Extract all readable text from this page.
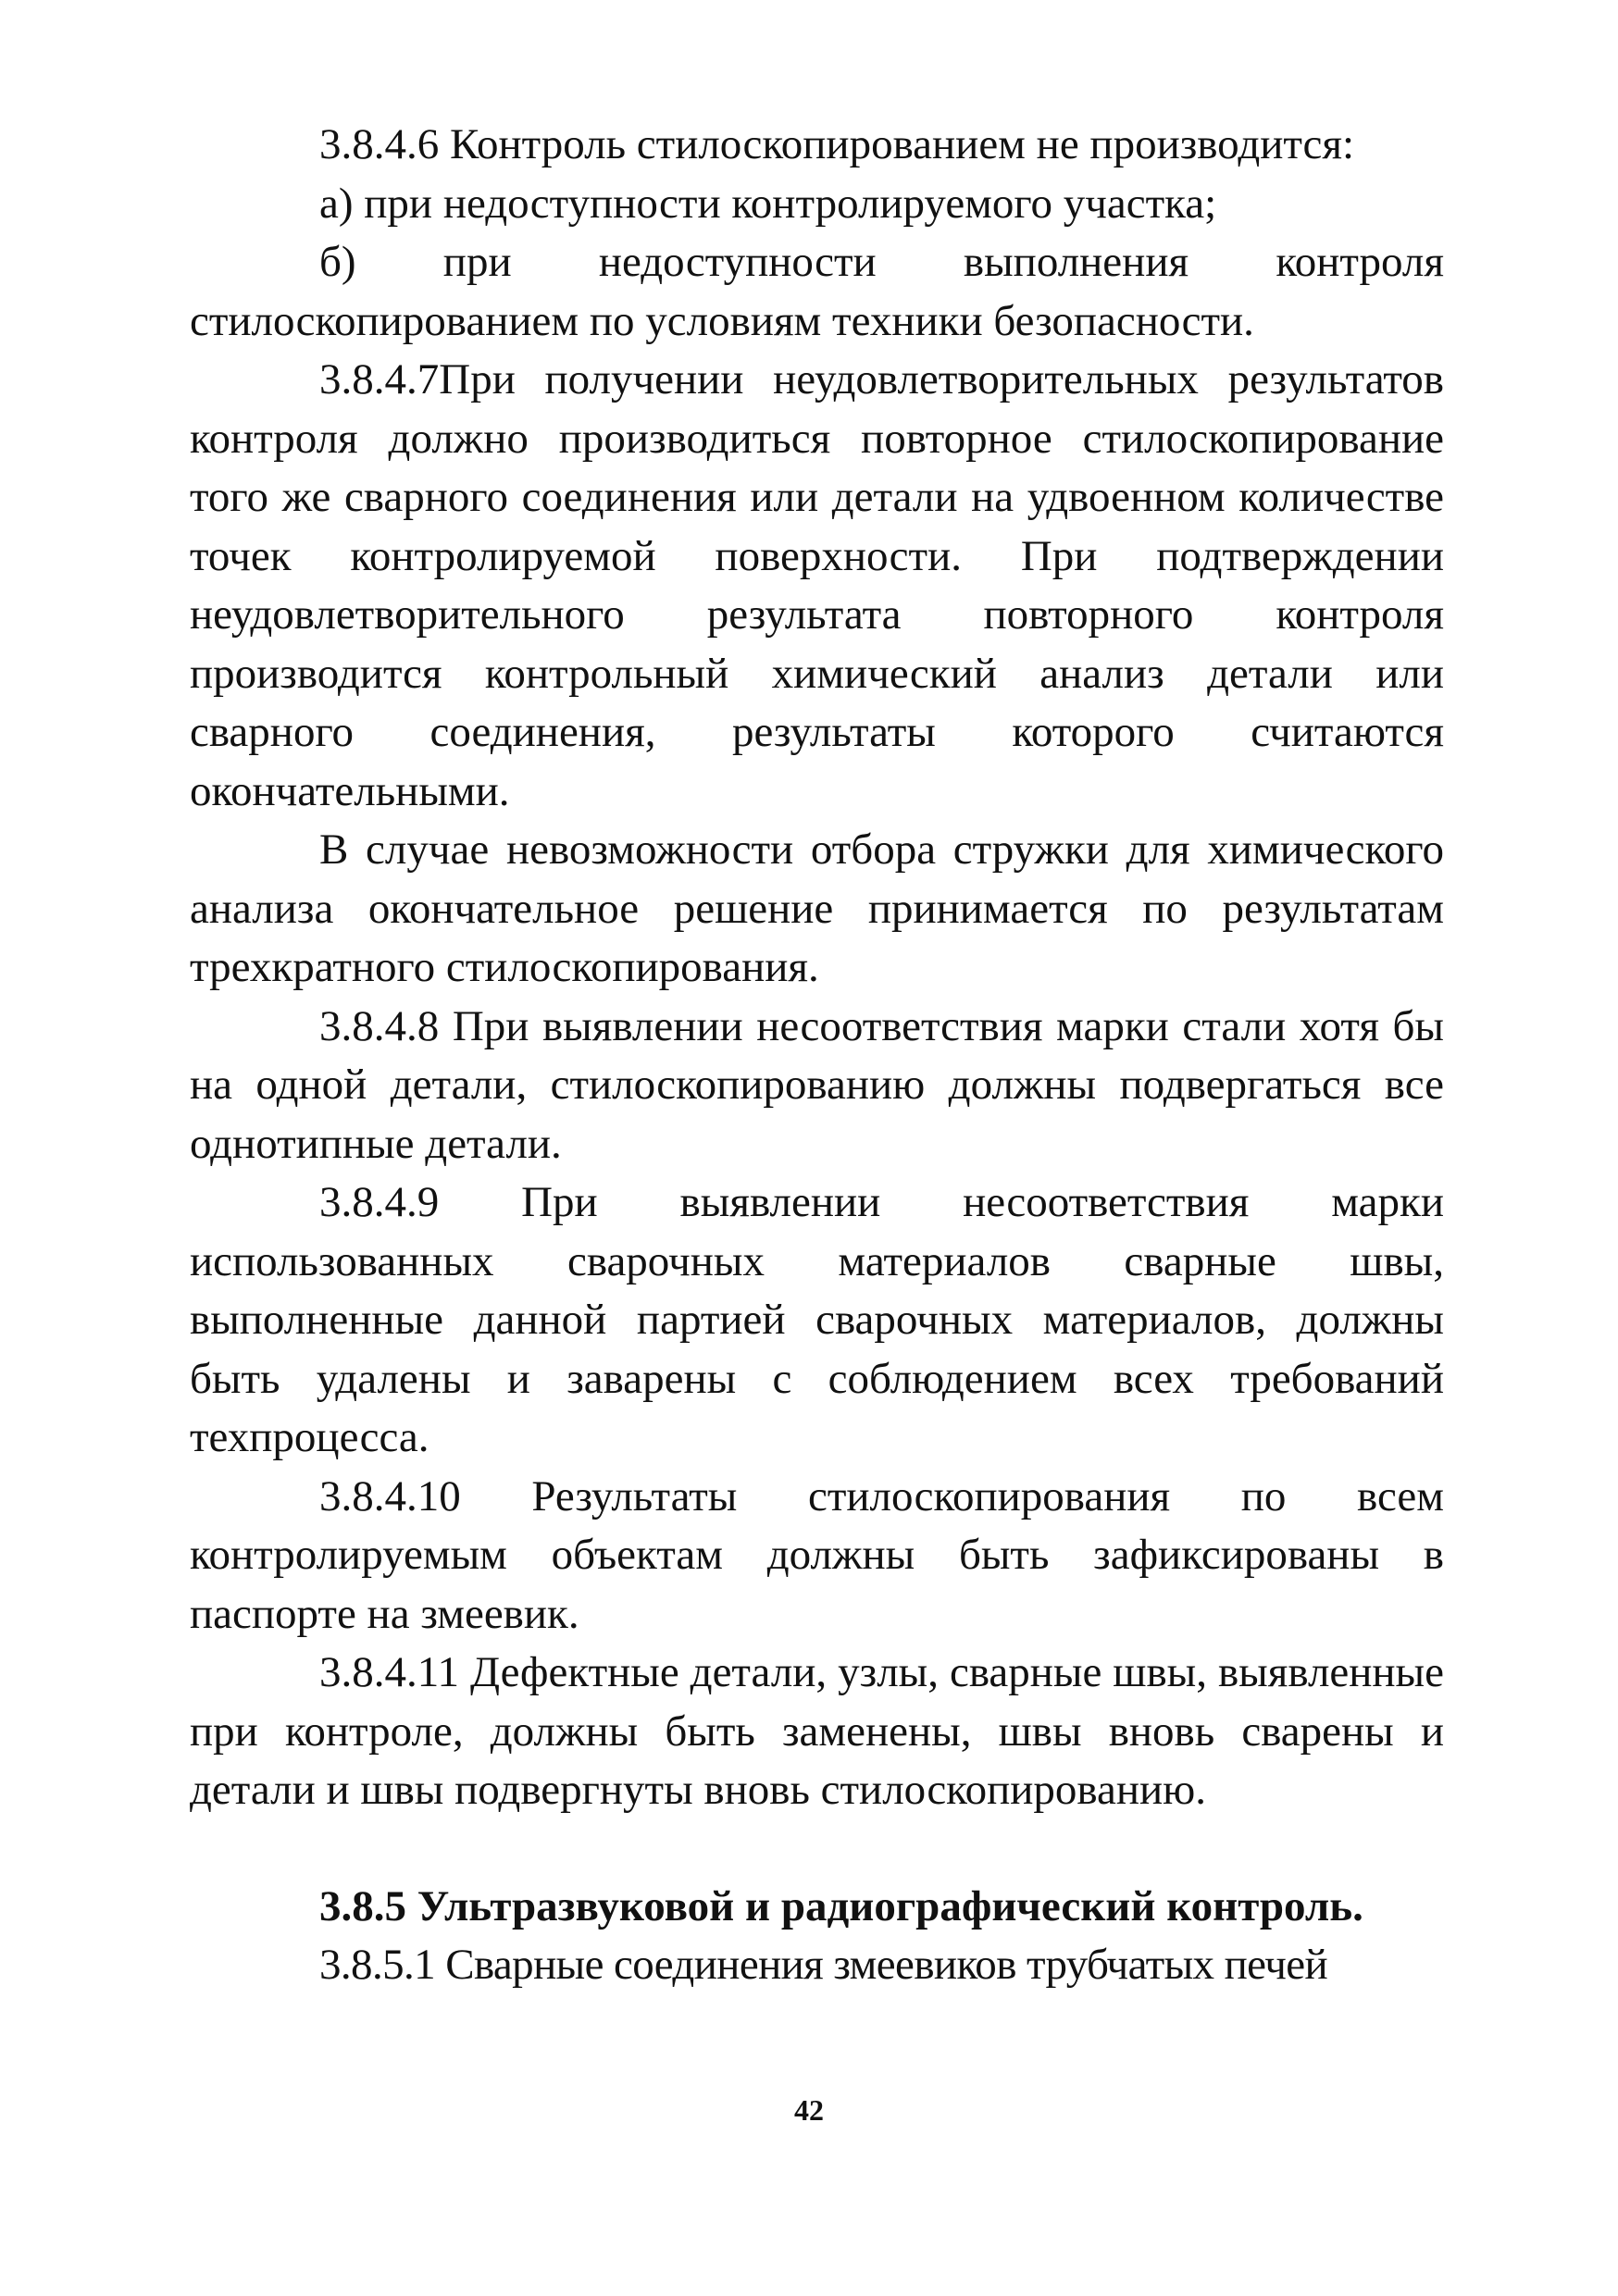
3.8.4.6 Контроль стилоскопированием не производится:

а) при недоступности контролируемого участка;

б) при недоступности выполнения контроля стилоскопированием по условиям техники безопасности.

3.8.4.7При получении неудовлетворительных результатов контроля должно производиться повторное стилоскопирование того же сварного соединения или детали на удвоенном количестве точек контролируемой поверхности. При подтверждении неудовлетворительного результата повторного контроля производится контрольный химический анализ детали или сварного соединения, результаты которого считаются окончательными.

В случае невозможности отбора стружки для химического анализа окончательное решение принимается по результатам трехкратного стилоскопирования.

3.8.4.8 При выявлении несоответствия марки стали хотя бы на одной детали, стилоскопированию должны подвергаться все однотипные детали.

3.8.4.9 При выявлении несоответствия марки использованных сварочных материалов сварные швы, выполненные данной партией сварочных материалов, должны быть удалены и заварены с соблюдением всех требований техпроцесса.

3.8.4.10 Результаты стилоскопирования по всем контролируемым объектам должны быть зафиксированы в паспорте на змеевик.

3.8.4.11 Дефектные детали, узлы, сварные швы, выявленные при контроле, должны быть заменены, швы вновь сварены и детали и швы подвергнуты вновь стилоскопированию.

3.8.5 Ультразвуковой и радиографический контроль.

3.8.5.1 Сварные соединения змеевиков трубчатых печей

42
